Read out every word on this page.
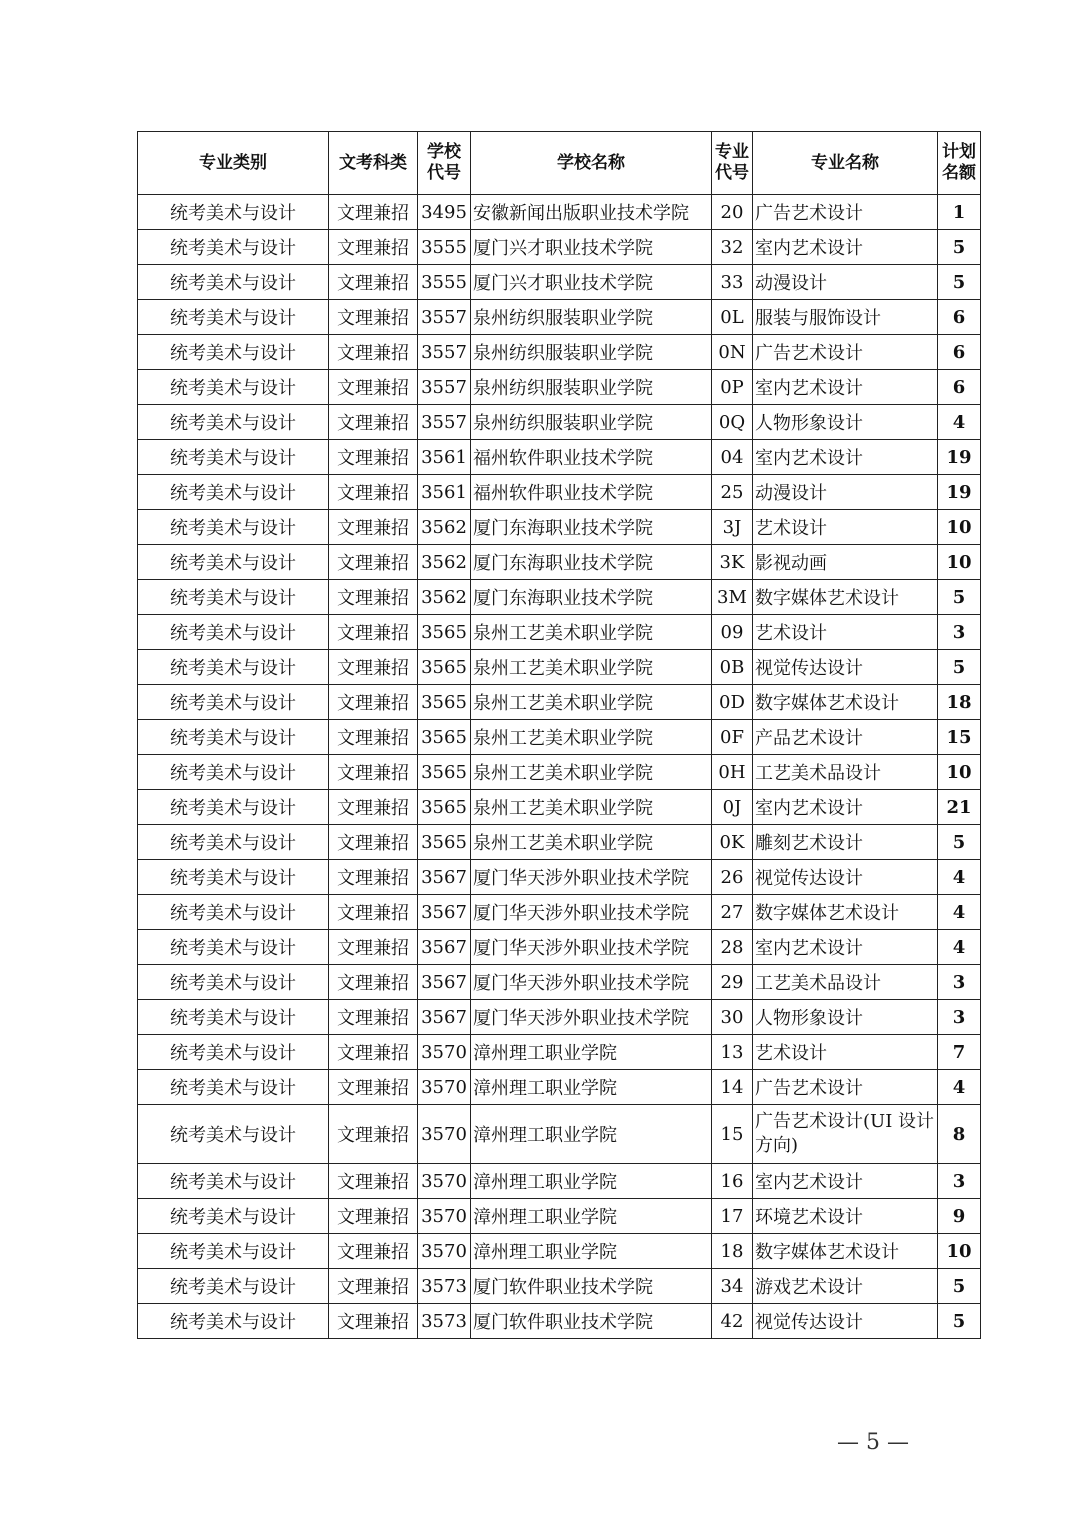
专业类别	文考科类	学校代号	学校名称	专业代号	专业名称	计划名额
统考美术与设计	文理兼招	3495	安徽新闻出版职业技术学院	20	广告艺术设计	1
统考美术与设计	文理兼招	3555	厦门兴才职业技术学院	32	室内艺术设计	5
统考美术与设计	文理兼招	3555	厦门兴才职业技术学院	33	动漫设计	5
统考美术与设计	文理兼招	3557	泉州纺织服装职业学院	0L	服装与服饰设计	6
统考美术与设计	文理兼招	3557	泉州纺织服装职业学院	0N	广告艺术设计	6
统考美术与设计	文理兼招	3557	泉州纺织服装职业学院	0P	室内艺术设计	6
统考美术与设计	文理兼招	3557	泉州纺织服装职业学院	0Q	人物形象设计	4
统考美术与设计	文理兼招	3561	福州软件职业技术学院	04	室内艺术设计	19
统考美术与设计	文理兼招	3561	福州软件职业技术学院	25	动漫设计	19
统考美术与设计	文理兼招	3562	厦门东海职业技术学院	3J	艺术设计	10
统考美术与设计	文理兼招	3562	厦门东海职业技术学院	3K	影视动画	10
统考美术与设计	文理兼招	3562	厦门东海职业技术学院	3M	数字媒体艺术设计	5
统考美术与设计	文理兼招	3565	泉州工艺美术职业学院	09	艺术设计	3
统考美术与设计	文理兼招	3565	泉州工艺美术职业学院	0B	视觉传达设计	5
统考美术与设计	文理兼招	3565	泉州工艺美术职业学院	0D	数字媒体艺术设计	18
统考美术与设计	文理兼招	3565	泉州工艺美术职业学院	0F	产品艺术设计	15
统考美术与设计	文理兼招	3565	泉州工艺美术职业学院	0H	工艺美术品设计	10
统考美术与设计	文理兼招	3565	泉州工艺美术职业学院	0J	室内艺术设计	21
统考美术与设计	文理兼招	3565	泉州工艺美术职业学院	0K	雕刻艺术设计	5
统考美术与设计	文理兼招	3567	厦门华天涉外职业技术学院	26	视觉传达设计	4
统考美术与设计	文理兼招	3567	厦门华天涉外职业技术学院	27	数字媒体艺术设计	4
统考美术与设计	文理兼招	3567	厦门华天涉外职业技术学院	28	室内艺术设计	4
统考美术与设计	文理兼招	3567	厦门华天涉外职业技术学院	29	工艺美术品设计	3
统考美术与设计	文理兼招	3567	厦门华天涉外职业技术学院	30	人物形象设计	3
统考美术与设计	文理兼招	3570	漳州理工职业学院	13	艺术设计	7
统考美术与设计	文理兼招	3570	漳州理工职业学院	14	广告艺术设计	4
统考美术与设计	文理兼招	3570	漳州理工职业学院	15	广告艺术设计(UI 设计方向)	8
统考美术与设计	文理兼招	3570	漳州理工职业学院	16	室内艺术设计	3
统考美术与设计	文理兼招	3570	漳州理工职业学院	17	环境艺术设计	9
统考美术与设计	文理兼招	3570	漳州理工职业学院	18	数字媒体艺术设计	10
统考美术与设计	文理兼招	3573	厦门软件职业技术学院	34	游戏艺术设计	5
统考美术与设计	文理兼招	3573	厦门软件职业技术学院	42	视觉传达设计	5
— 5 —
